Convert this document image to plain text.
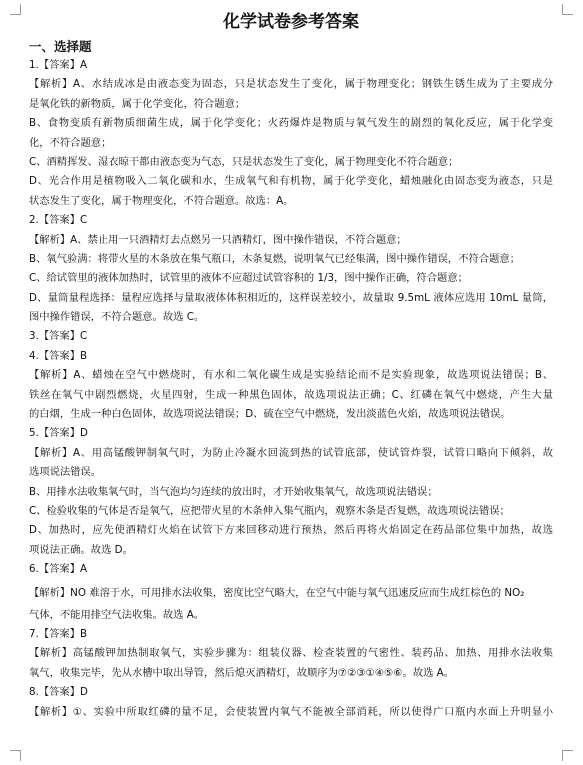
化学试卷参考答案
一、选择题
1.【答案】A
【解析】A、水结成冰是由液态变为固态，只是状态发生了变化，属于物理变化；钢铁生锈生成为了主要成分
是氧化铁的新物质，属于化学变化，符合题意；
B、食物变质有新物质细菌生成，属于化学变化；火药爆炸是物质与氧气发生的剧烈的氧化反应，属于化学变
化，不符合题意；
C、酒精挥发、湿衣晾干都由液态变为气态，只是状态发生了变化，属于物理变化不符合题意；
D、光合作用是植物吸入二氧化碳和水，生成氧气和有机物，属于化学变化，蜡烛融化由固态变为液态，只是
状态发生了变化，属于物理变化，不符合题意。故选：A。
2.【答案】C
【解析】A、禁止用一只酒精灯去点燃另一只酒精灯，图中操作错误，不符合题意；
B、氧气验满：将带火星的木条放在集气瓶口，木条复燃，说明氧气已经集满，图中操作错误，不符合题意；
C、给试管里的液体加热时，试管里的液体不应超过试管容积的 1/3，图中操作正确，符合题意；
D、量筒量程选择：量程应选择与量取液体体积相近的，这样误差较小，故量取 9.5mL 液体应选用 10mL 量筒，
图中操作错误，不符合题意。故选 C。
3.【答案】C
4.【答案】B
【解析】A、蜡烛在空气中燃烧时，有水和二氧化碳生成是实验结论而不是实验现象，故选项说法错误；B、
铁丝在氧气中剧烈燃烧，火星四射，生成一种黑色固体，故选项说法正确；C、红磷在氧气中燃烧，产生大量
的白烟，生成一种白色固体，故选项说法错误；D、硫在空气中燃烧，发出淡蓝色火焰，故选项说法错误。
5.【答案】D
【解析】A、用高锰酸钾制氧气时，为防止冷凝水回流到热的试管底部，使试管炸裂，试管口略向下倾斜，故
选项说法错误。
B、用排水法收集氧气时，当气泡均匀连续的放出时，才开始收集氧气，故选项说法错误；
C、检验收集的气体是否是氧气，应把带火星的木条伸入集气瓶内，观察木条是否复燃，故选项说法错误；
D、加热时，应先使酒精灯火焰在试管下方来回移动进行预热，然后再将火焰固定在药品部位集中加热，故选
项说法正确。故选 D。
6.【答案】A
【解析】NO 难溶于水，可用排水法收集，密度比空气略大，在空气中能与氧气迅速反应而生成红棕色的 NO₂
气体，不能用排空气法收集。故选 A。
7.【答案】B
【解析】高锰酸钾加热制取氧气，实验步骤为：组装仪器、检查装置的气密性、装药品、加热、用排水法收集
氧气，收集完毕，先从水槽中取出导管，然后熄灭酒精灯，故顺序为⑦②③①④⑤⑥。故选 A。
8.【答案】D
【解析】①、实验中所取红磷的量不足，会使装置内氧气不能被全部消耗，所以使得广口瓶内水面上升明显小
